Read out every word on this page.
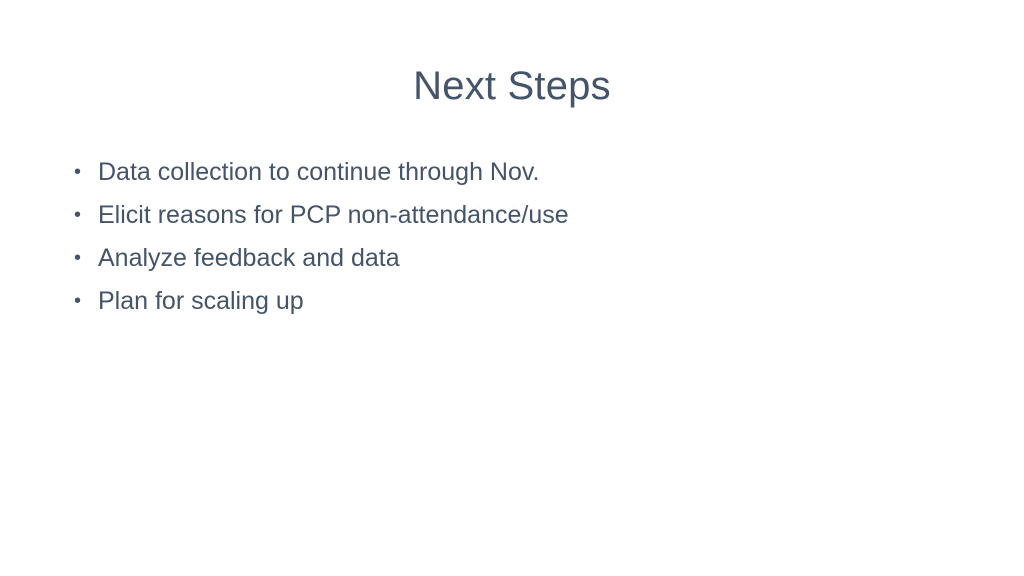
Next Steps
• Data collection to continue through Nov.
• Elicit reasons for PCP non-attendance/use
• Analyze feedback and data
• Plan for scaling up
